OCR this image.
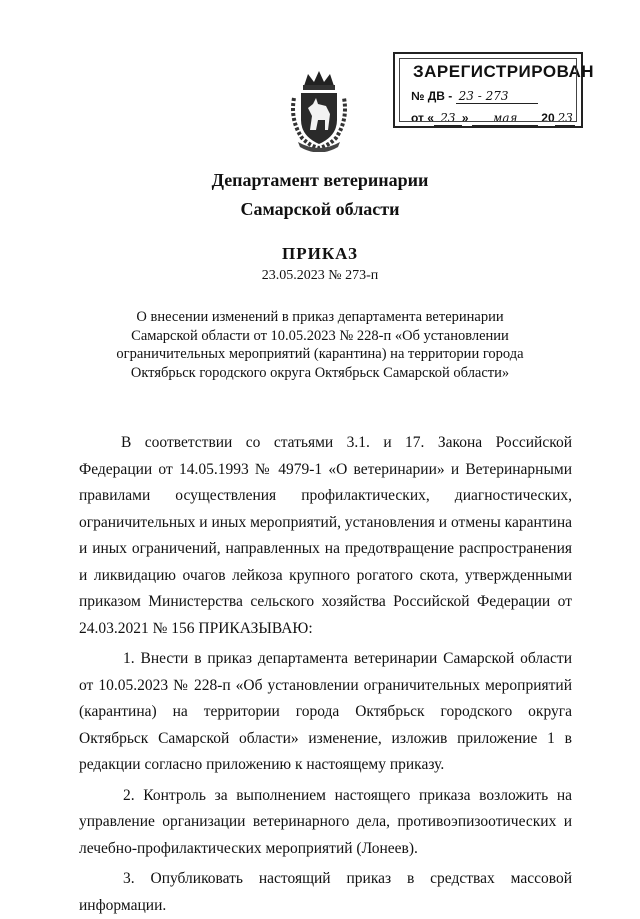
ЗАРЕГИСТРИРОВАН
№ ДВ - 23 - 273
от « 23 » мая 20 23
Департамент ветеринарии
Самарской области
ПРИКАЗ
23.05.2023 № 273-п
О внесении изменений в приказ департамента ветеринарии Самарской области от 10.05.2023 № 228-п «Об установлении ограничительных мероприятий (карантина) на территории города Октябрьск городского округа Октябрьск Самарской области»

В соответствии со статьями 3.1. и 17. Закона Российской Федерации от 14.05.1993 № 4979-1 «О ветеринарии» и Ветеринарными правилами осуществления профилактических, диагностических, ограничительных и иных мероприятий, установления и отмены карантина и иных ограничений, направленных на предотвращение распространения и ликвидацию очагов лейкоза крупного рогатого скота, утвержденными приказом Министерства сельского хозяйства Российской Федерации от 24.03.2021 № 156 ПРИКАЗЫВАЮ:

1. Внести в приказ департамента ветеринарии Самарской области от 10.05.2023 № 228-п «Об установлении ограничительных мероприятий (карантина) на территории города Октябрьск городского округа Октябрьск Самарской области» изменение, изложив приложение 1 в редакции согласно приложению к настоящему приказу.

2. Контроль за выполнением настоящего приказа возложить на управление организации ветеринарного дела, противоэпизоотических и лечебно-профилактических мероприятий (Лонеев).

3. Опубликовать настоящий приказ в средствах массовой информации.
